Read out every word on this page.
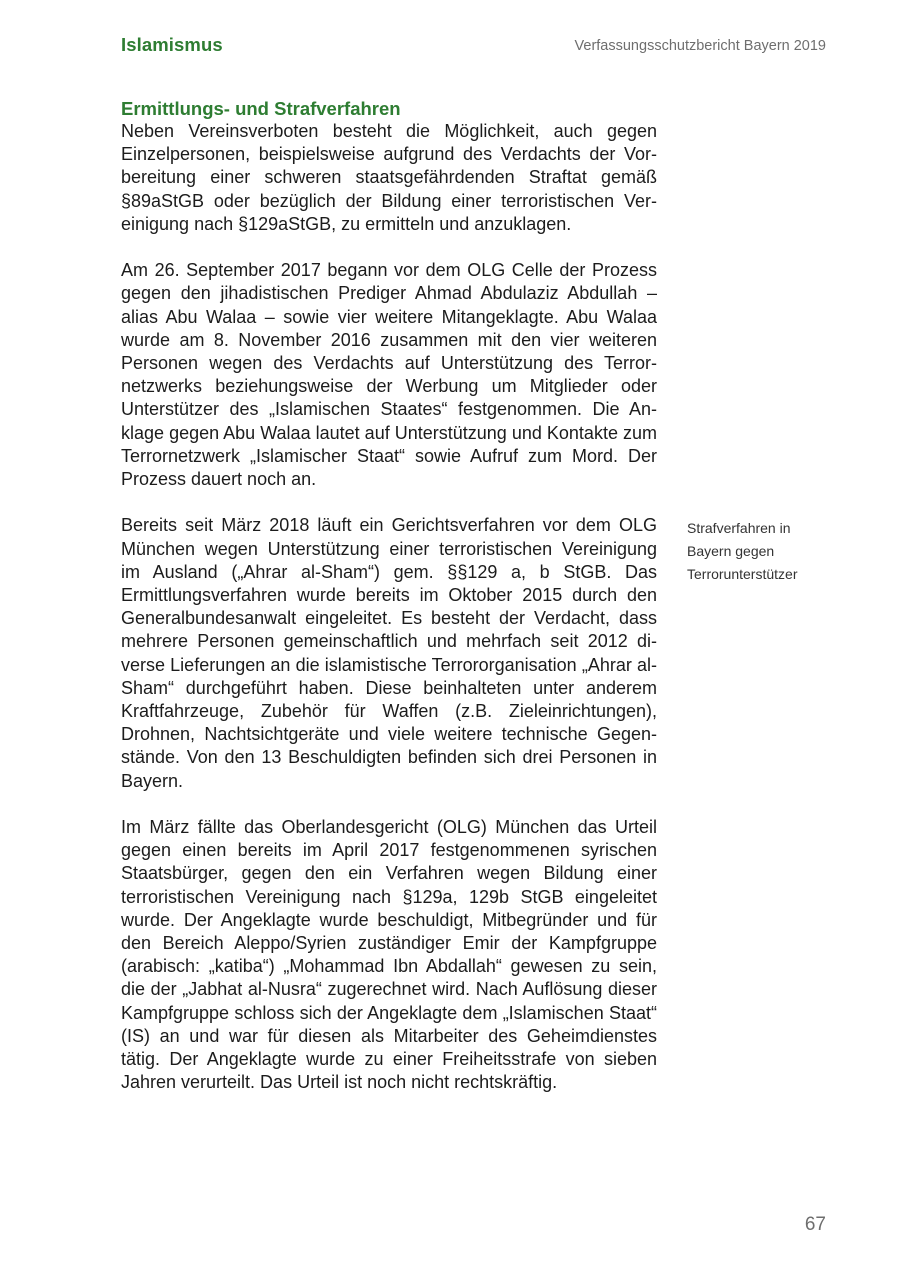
Islamismus	Verfassungsschutzbericht Bayern 2019
Ermittlungs- und Strafverfahren

Neben Vereinsverboten besteht die Möglichkeit, auch gegen Einzelpersonen, beispielsweise aufgrund des Verdachts der Vorbereitung einer schweren staatsgefährdenden Straftat gemäß §89aStGB oder bezüglich der Bildung einer terroristischen Vereinigung nach §129aStGB, zu ermitteln und anzuklagen.

Am 26. September 2017 begann vor dem OLG Celle der Prozess gegen den jihadistischen Prediger Ahmad Abdulaziz Abdullah – alias Abu Walaa – sowie vier weitere Mitangeklagte. Abu Walaa wurde am 8. November 2016 zusammen mit den vier weiteren Personen wegen des Verdachts auf Unterstützung des Terrornetzwerks beziehungsweise der Werbung um Mitglieder oder Unterstützer des „Islamischen Staates“ festgenommen. Die Anklage gegen Abu Walaa lautet auf Unterstützung und Kontakte zum Terrornetzwerk „Islamischer Staat“ sowie Aufruf zum Mord. Der Prozess dauert noch an.

Bereits seit März 2018 läuft ein Gerichtsverfahren vor dem OLG München wegen Unterstützung einer terroristischen Vereinigung im Ausland („Ahrar al-Sham“) gem. §§129 a, b StGB. Das Ermittlungsverfahren wurde bereits im Oktober 2015 durch den Generalbundesanwalt eingeleitet. Es besteht der Verdacht, dass mehrere Personen gemeinschaftlich und mehrfach seit 2012 diverse Lieferungen an die islamistische Terrororganisation „Ahrar al-Sham“ durchgeführt haben. Diese beinhalteten unter anderem Kraftfahrzeuge, Zubehör für Waffen (z.B. Zieleinrichtungen), Drohnen, Nachtsichtgeräte und viele weitere technische Gegenstände. Von den 13 Beschuldigten befinden sich drei Personen in Bayern.

Im März fällte das Oberlandesgericht (OLG) München das Urteil gegen einen bereits im April 2017 festgenommenen syrischen Staatsbürger, gegen den ein Verfahren wegen Bildung einer terroristischen Vereinigung nach §129a, 129b StGB eingeleitet wurde. Der Angeklagte wurde beschuldigt, Mitbegründer und für den Bereich Aleppo/Syrien zuständiger Emir der Kampfgruppe (arabisch: „katiba“) „Mohammad Ibn Abdallah“ gewesen zu sein, die der „Jabhat al-Nusra“ zugerechnet wird. Nach Auflösung dieser Kampfgruppe schloss sich der Angeklagte dem „Islamischen Staat“ (IS) an und war für diesen als Mitarbeiter des Geheimdienstes tätig. Der Angeklagte wurde zu einer Freiheitsstrafe von sieben Jahren verurteilt. Das Urteil ist noch nicht rechtskräftig.

Strafverfahren in Bayern gegen Terrorunterstützer
67
